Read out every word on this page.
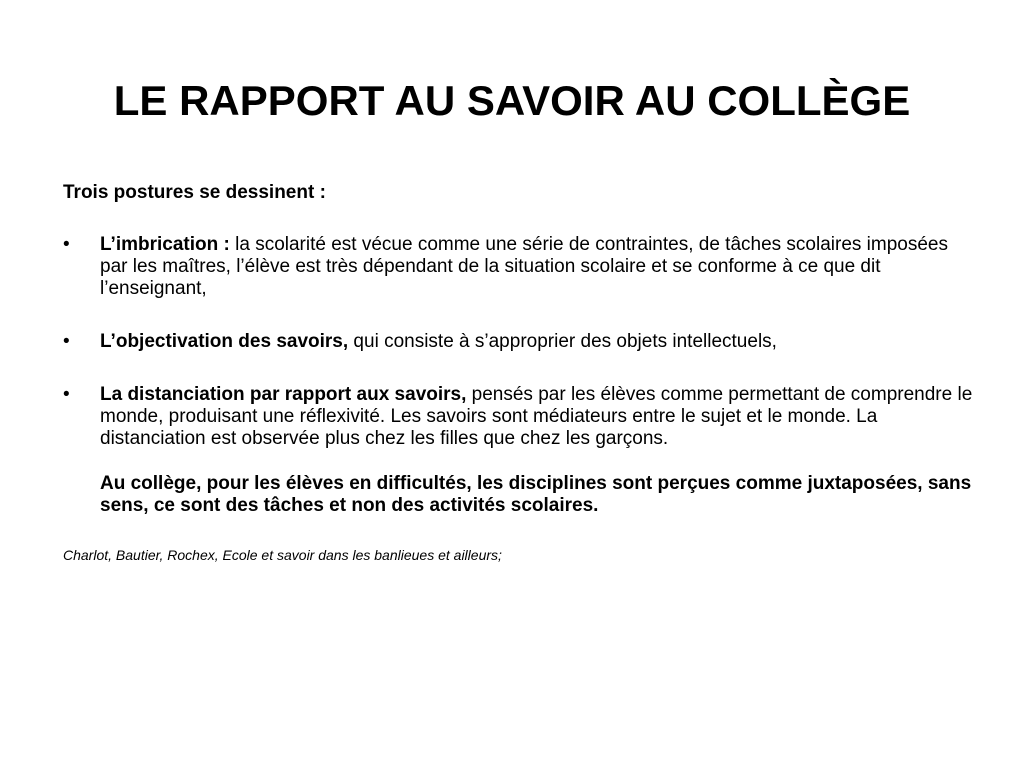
LE RAPPORT AU SAVOIR AU COLLÈGE

Trois postures se dessinent :

• L’imbrication : la scolarité est vécue comme une série de contraintes, de tâches scolaires imposées par les maîtres, l’élève est très dépendant de la situation scolaire et se conforme à ce que dit l’enseignant,
• L’objectivation des savoirs, qui consiste à s’approprier des objets intellectuels,
• La distanciation par rapport aux savoirs, pensés par les élèves comme permettant de comprendre le monde, produisant une réflexivité. Les savoirs sont médiateurs entre le sujet et le monde. La distanciation est observée plus chez les filles que chez les garçons.

Au collège, pour les élèves en difficultés, les disciplines sont perçues comme juxtaposées, sans sens, ce sont des tâches et non des activités scolaires.

Charlot, Bautier, Rochex, Ecole et savoir dans les banlieues et ailleurs;
